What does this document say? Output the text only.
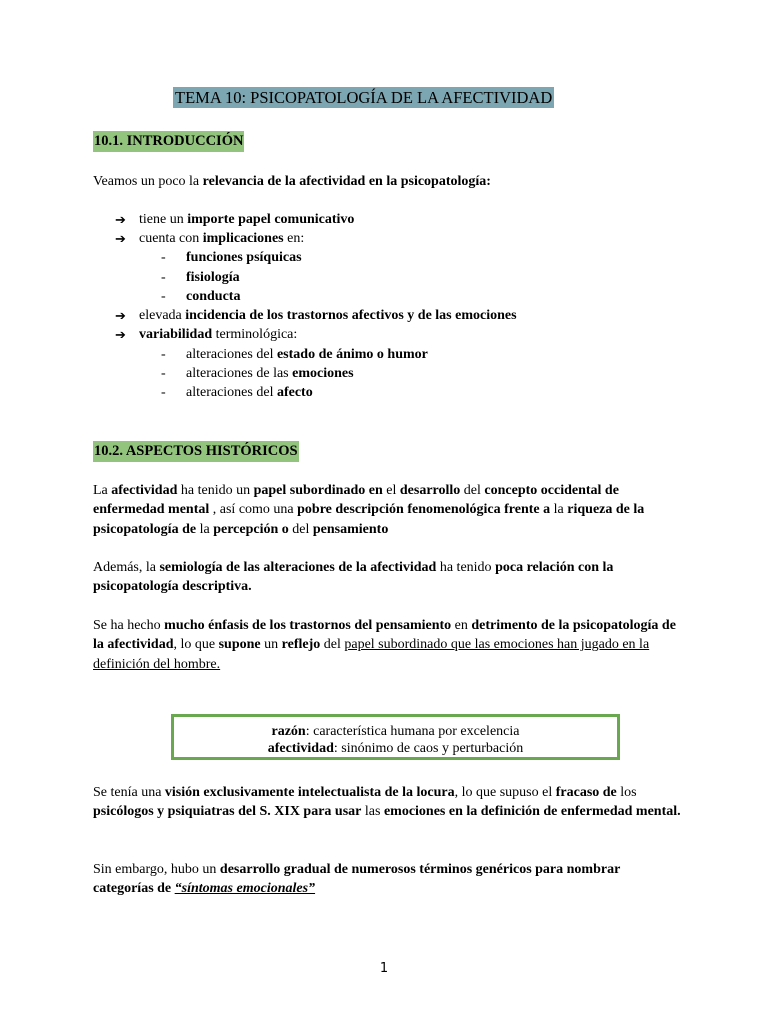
TEMA 10: PSICOPATOLOGÍA DE LA AFECTIVIDAD
10.1. INTRODUCCIÓN
Veamos un poco la relevancia de la afectividad en la psicopatología:
➔ tiene un importe papel comunicativo
➔ cuenta con implicaciones en:
- funciones psíquicas
- fisiología
- conducta
➔ elevada incidencia de los trastornos afectivos y de las emociones
➔ variabilidad terminológica:
- alteraciones del estado de ánimo o humor
- alteraciones de las emociones
- alteraciones del afecto
10.2. ASPECTOS HISTÓRICOS
La afectividad ha tenido un papel subordinado en el desarrollo del concepto occidental de enfermedad mental , así como una pobre descripción fenomenológica frente a la riqueza de la psicopatología de la percepción o del pensamiento
Además, la semiología de las alteraciones de la afectividad ha tenido poca relación con la psicopatología descriptiva.
Se ha hecho mucho énfasis de los trastornos del pensamiento en detrimento de la psicopatología de la afectividad, lo que supone un reflejo del papel subordinado que las emociones han jugado en la definición del hombre.
razón: característica humana por excelencia
afectividad: sinónimo de caos y perturbación
Se tenía una visión exclusivamente intelectualista de la locura, lo que supuso el fracaso de los psicólogos y psiquiatras del S. XIX para usar las emociones en la definición de enfermedad mental.
Sin embargo, hubo un desarrollo gradual de numerosos términos genéricos para nombrar categorías de “síntomas emocionales”
1
